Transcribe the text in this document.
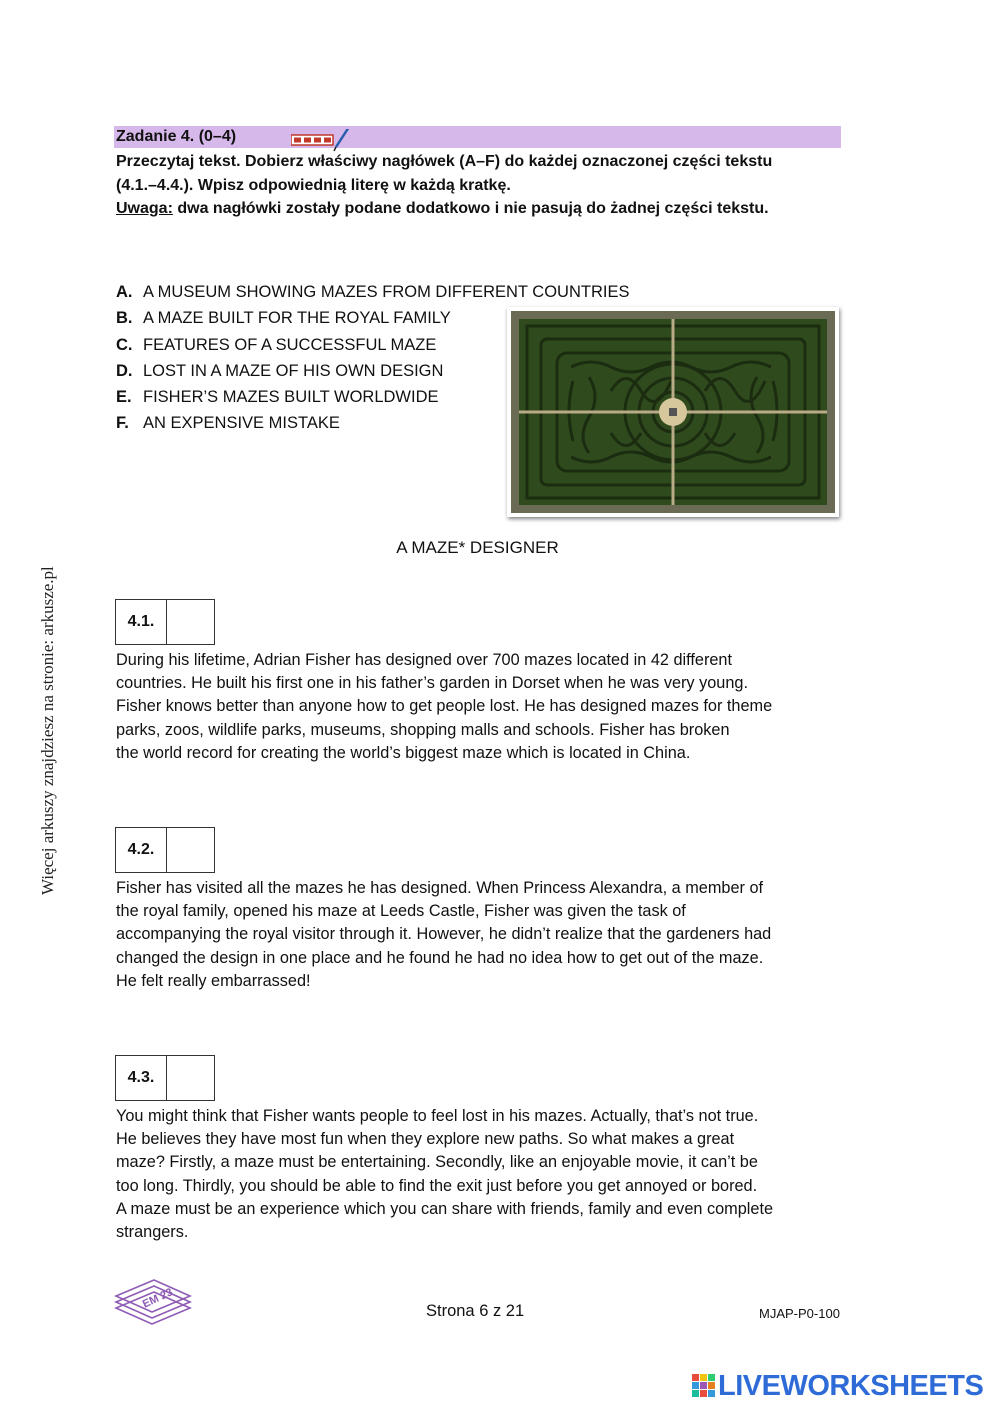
Więcej arkuszy znajdziesz na stronie: arkusze.pl
Zadanie 4. (0–4)
Przeczytaj tekst. Dobierz właściwy nagłówek (A–F) do każdej oznaczonej części tekstu
(4.1.–4.4.). Wpisz odpowiednią literę w każdą kratkę.
Uwaga: dwa nagłówki zostały podane dodatkowo i nie pasują do żadnej części tekstu.
A. A MUSEUM SHOWING MAZES FROM DIFFERENT COUNTRIES
B. A MAZE BUILT FOR THE ROYAL FAMILY
C. FEATURES OF A SUCCESSFUL MAZE
D. LOST IN A MAZE OF HIS OWN DESIGN
E. FISHER’S MAZES BUILT WORLDWIDE
F. AN EXPENSIVE MISTAKE
A MAZE* DESIGNER
4.1.
During his lifetime, Adrian Fisher has designed over 700 mazes located in 42 different
countries. He built his first one in his father’s garden in Dorset when he was very young.
Fisher knows better than anyone how to get people lost. He has designed mazes for theme
parks, zoos, wildlife parks, museums, shopping malls and schools. Fisher has broken
the world record for creating the world’s biggest maze which is located in China.
4.2.
Fisher has visited all the mazes he has designed. When Princess Alexandra, a member of
the royal family, opened his maze at Leeds Castle, Fisher was given the task of
accompanying the royal visitor through it. However, he didn’t realize that the gardeners had
changed the design in one place and he found he had no idea how to get out of the maze.
He felt really embarrassed!
4.3.
You might think that Fisher wants people to feel lost in his mazes. Actually, that’s not true.
He believes they have most fun when they explore new paths. So what makes a great
maze? Firstly, a maze must be entertaining. Secondly, like an enjoyable movie, it can’t be
too long. Thirdly, you should be able to find the exit just before you get annoyed or bored.
A maze must be an experience which you can share with friends, family and even complete
strangers.
EM 23
Strona 6 z 21	MJAP-P0-100
LIVEWORKSHEETS
